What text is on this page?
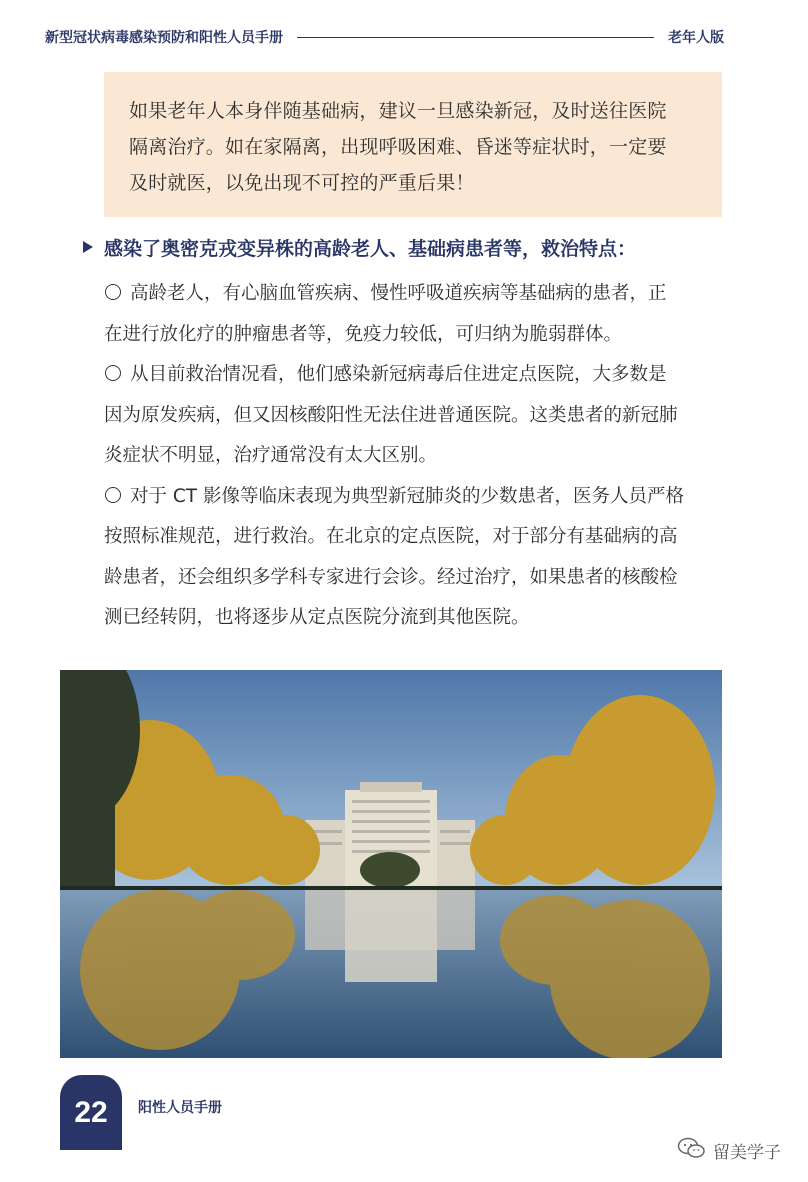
新型冠状病毒感染预防和阳性人员手册	老年人版

如果老年人本身伴随基础病，建议一旦感染新冠，及时送往医院

隔离治疗。如在家隔离，出现呼吸困难、昏迷等症状时，一定要

及时就医，以免出现不可控的严重后果！

感染了奥密克戎变异株的高龄老人、基础病患者等，救治特点：

高龄老人，有心脑血管疾病、慢性呼吸道疾病等基础病的患者，正

在进行放化疗的肿瘤患者等，免疫力较低，可归纳为脆弱群体。

从目前救治情况看，他们感染新冠病毒后住进定点医院，大多数是

因为原发疾病，但又因核酸阳性无法住进普通医院。这类患者的新冠肺

炎症状不明显，治疗通常没有太大区别。

对于 CT 影像等临床表现为典型新冠肺炎的少数患者，医务人员严格

按照标准规范，进行救治。在北京的定点医院，对于部分有基础病的高

龄患者，还会组织多学科专家进行会诊。经过治疗，如果患者的核酸检

测已经转阴，也将逐步从定点医院分流到其他医院。

22 阳性人员手册
留美学子
